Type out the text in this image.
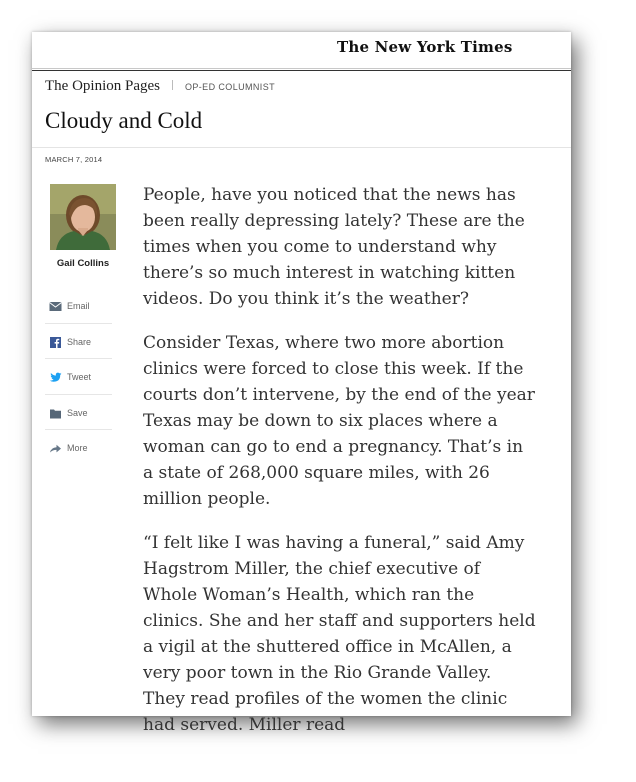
The New York Times
The Opinion Pages	OP-ED COLUMNIST
Cloudy and Cold
MARCH 7, 2014
Gail Collins
Email
Share
Tweet
Save
More

People, have you noticed that the news has been really depressing lately? These are the times when you come to understand why there’s so much interest in watching kitten videos. Do you think it’s the weather?

Consider Texas, where two more abortion clinics were forced to close this week. If the courts don’t intervene, by the end of the year Texas may be down to six places where a woman can go to end a pregnancy. That’s in a state of 268,000 square miles, with 26 million people.

“I felt like I was having a funeral,” said Amy Hagstrom Miller, the chief executive of Whole Woman’s Health, which ran the clinics. She and her staff and supporters held a vigil at the shuttered office in McAllen, a very poor town in the Rio Grande Valley. They read profiles of the women the clinic had served. Miller read
